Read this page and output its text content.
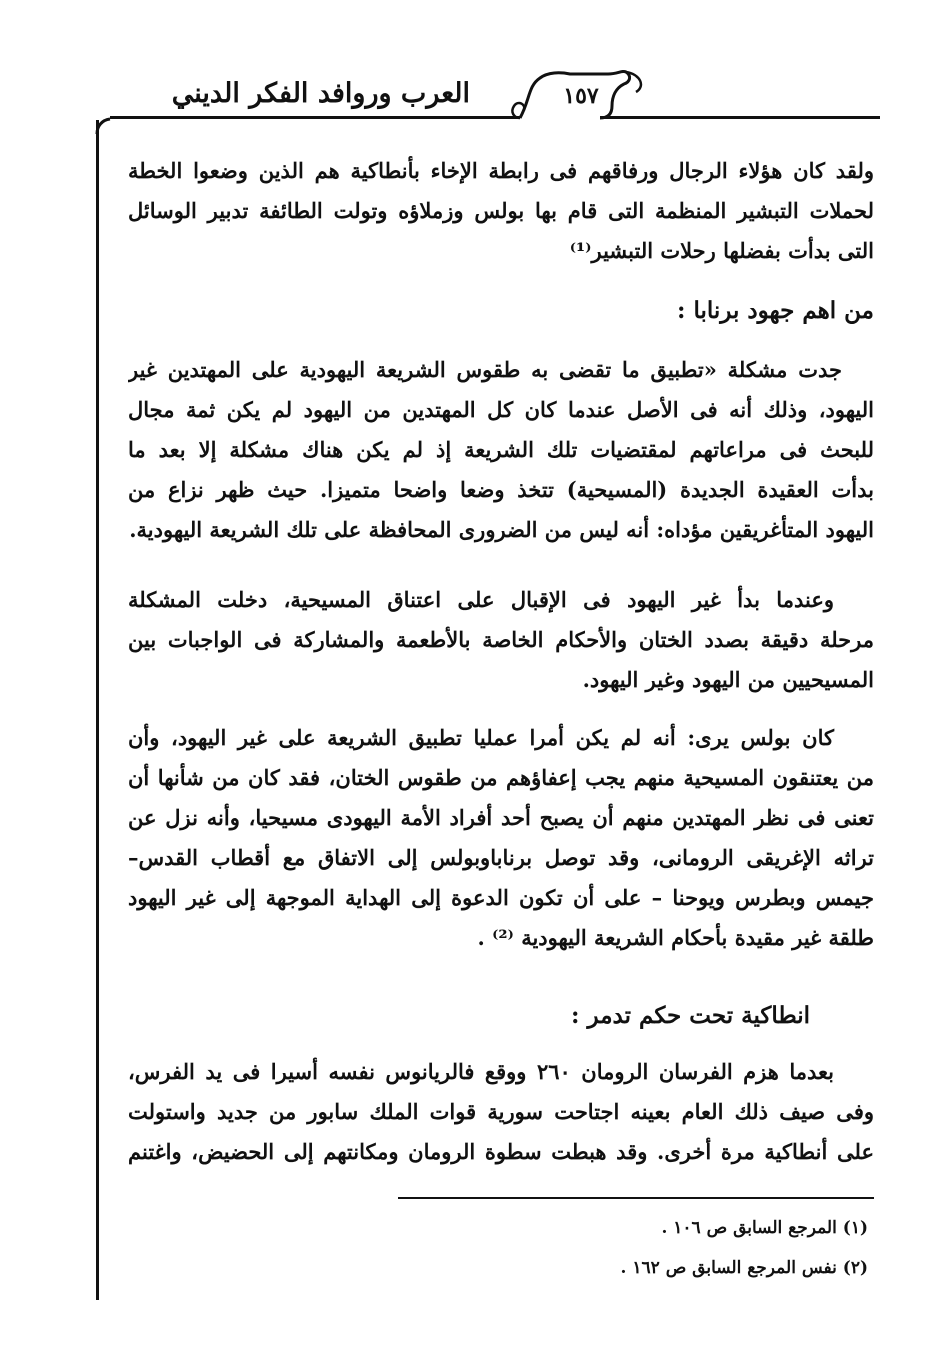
العرب وروافد الفكر الديني	١٥٧
ولقد كان هؤلاء الرجال ورفاقهم فى رابطة الإخاء بأنطاكية هم الذين وضعوا الخطة
لحملات التبشير المنظمة التى قام بها بولس وزملاؤه وتولت الطائفة تدبير الوسائل
التى بدأت بفضلها رحلات التبشير⁽¹⁾
من اهم جهود برنابا :
جدت مشكلة «تطبيق ما تقضى به طقوس الشريعة اليهودية على المهتدين غير
اليهود، وذلك أنه فى الأصل عندما كان كل المهتدين من اليهود لم يكن ثمة مجال
للبحث فى مراعاتهم لمقتضيات تلك الشريعة إذ لم يكن هناك مشكلة إلا بعد ما
بدأت العقيدة الجديدة (المسيحية) تتخذ وضعا واضحا متميزا. حيث ظهر نزاع من
اليهود المتأغريقين مؤداه: أنه ليس من الضرورى المحافظة على تلك الشريعة اليهودية.
وعندما بدأ غير اليهود فى الإقبال على اعتناق المسيحية، دخلت المشكلة
مرحلة دقيقة بصدد الختان والأحكام الخاصة بالأطعمة والمشاركة فى الواجبات بين
المسيحيين من اليهود وغير اليهود.
كان بولس يرى: أنه لم يكن أمرا عمليا تطبيق الشريعة على غير اليهود، وأن
من يعتنقون المسيحية منهم يجب إعفاؤهم من طقوس الختان، فقد كان من شأنها أن
تعنى فى نظر المهتدين منهم أن يصبح أحد أفراد الأمة اليهودى مسيحيا، وأنه نزل عن
تراثه الإغريقى الرومانى، وقد توصل برناباوبولس إلى الاتفاق مع أقطاب القدس–
جيمس وبطرس ويوحنا – على أن تكون الدعوة إلى الهداية الموجهة إلى غير اليهود
طلقة غير مقيدة بأحكام الشريعة اليهودية ⁽²⁾ .
انطاكية تحت حكم تدمر :
بعدما هزم الفرسان الرومان ٢٦٠ ووقع فالريانوس نفسه أسيرا فى يد الفرس،
وفى صيف ذلك العام بعينه اجتاحت سورية قوات الملك سابور من جديد واستولت
على أنطاكية مرة أخرى. وقد هبطت سطوة الرومان ومكانتهم إلى الحضيض، واغتنم
(١) المرجع السابق ص ١٠٦ .
(٢) نفس المرجع السابق ص ١٦٢ .
